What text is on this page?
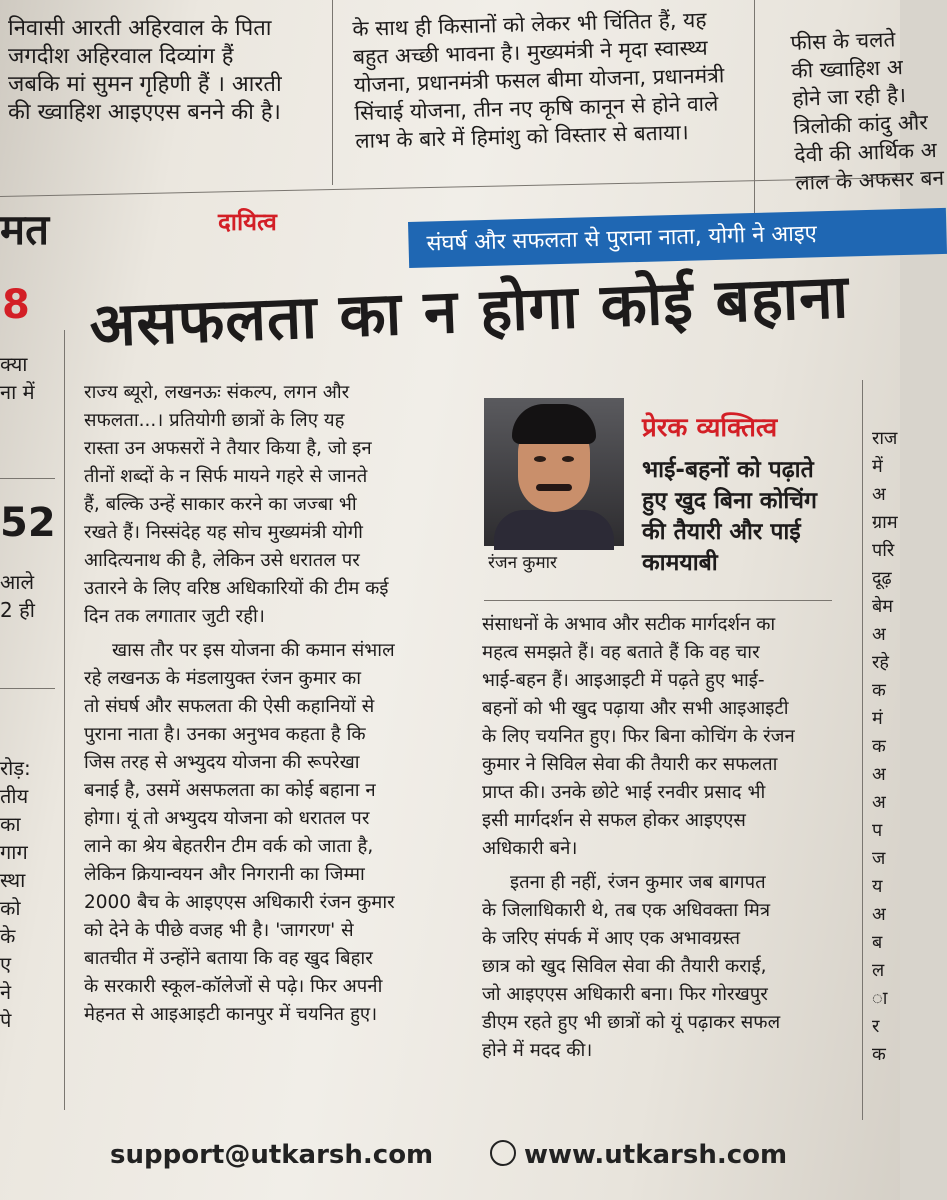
निवासी आरती अहिरवाल के पिता
जगदीश अहिरवाल दिव्यांग हैं
जबकि मां सुमन गृहिणी हैं । आरती
की ख्वाहिश आइएएस बनने की है।
के साथ ही किसानों को लेकर भी चिंतित हैं, यह
बहुत अच्छी भावना है। मुख्यमंत्री ने मृदा स्वास्थ्य
योजना, प्रधानमंत्री फसल बीमा योजना, प्रधानमंत्री
सिंचाई योजना, तीन नए कृषि कानून से होने वाले
लाभ के बारे में हिमांशु को विस्तार से बताया।
फीस के चलते
की ख्वाहिश अ
होने जा रही है।
त्रिलोकी कांदु और
देवी की आर्थिक अ
लाल के अफसर बन
दायित्व	संघर्ष और सफलता से पुराना नाता, योगी ने आइए
असफलता का न होगा कोई बहाना
मत
8
क्या
ना में
52
आले
2 ही
रोड़:
तीय
का
गाग
स्था
को
के
ए
ने
पे
राज्य ब्यूरो, लखनऊः संकल्प, लगन और
सफलता...। प्रतियोगी छात्रों के लिए यह
रास्ता उन अफसरों ने तैयार किया है, जो इन
तीनों शब्दों के न सिर्फ मायने गहरे से जानते
हैं, बल्कि उन्हें साकार करने का जज्बा भी
रखते हैं। निस्संदेह यह सोच मुख्यमंत्री योगी
आदित्यनाथ की है, लेकिन उसे धरातल पर
उतारने के लिए वरिष्ठ अधिकारियों की टीम कई
दिन तक लगातार जुटी रही।
खास तौर पर इस योजना की कमान संभाल
रहे लखनऊ के मंडलायुक्त रंजन कुमार का
तो संघर्ष और सफलता की ऐसी कहानियों से
पुराना नाता है। उनका अनुभव कहता है कि
जिस तरह से अभ्युदय योजना की रूपरेखा
बनाई है, उसमें असफलता का कोई बहाना न
होगा। यूं तो अभ्युदय योजना को धरातल पर
लाने का श्रेय बेहतरीन टीम वर्क को जाता है,
लेकिन क्रियान्वयन और निगरानी का जिम्मा
2000 बैच के आइएएस अधिकारी रंजन कुमार
को देने के पीछे वजह भी है। 'जागरण' से
बातचीत में उन्होंने बताया कि वह खुद बिहार
के सरकारी स्कूल-कॉलेजों से पढ़े। फिर अपनी
मेहनत से आइआइटी कानपुर में चयनित हुए।
रंजन कुमार
प्रेरक व्यक्तित्व
भाई-बहनों को पढ़ाते
हुए खुद बिना कोचिंग
की तैयारी और पाई
कामयाबी
संसाधनों के अभाव और सटीक मार्गदर्शन का
महत्व समझते हैं। वह बताते हैं कि वह चार
भाई-बहन हैं। आइआइटी में पढ़ते हुए भाई-
बहनों को भी खुद पढ़ाया और सभी आइआइटी
के लिए चयनित हुए। फिर बिना कोचिंग के रंजन
कुमार ने सिविल सेवा की तैयारी कर सफलता
प्राप्त की। उनके छोटे भाई रनवीर प्रसाद भी
इसी मार्गदर्शन से सफल होकर आइएएस
अधिकारी बने।
इतना ही नहीं, रंजन कुमार जब बागपत
के जिलाधिकारी थे, तब एक अधिवक्ता मित्र
के जरिए संपर्क में आए एक अभावग्रस्त
छात्र को खुद सिविल सेवा की तैयारी कराई,
जो आइएएस अधिकारी बना। फिर गोरखपुर
डीएम रहते हुए भी छात्रों को यूं पढ़ाकर सफल
होने में मदद की।
राज
में
अ
ग्राम
परि
दूढ़
बेम
अ
रहे
क
मं
क
अ
अ
प
ज
य
अ
ब
ल
ा
र
क
support@utkarsh.com	www.utkarsh.com
